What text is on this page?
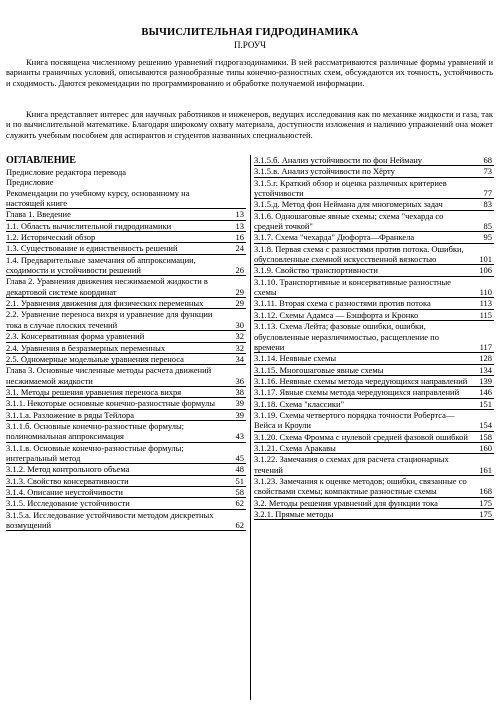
ВЫЧИСЛИТЕЛЬНАЯ ГИДРОДИНАМИКА
П.РОУЧ

Книга посвящена численному решению уравнений гидрогазодинамики. В ней рассматриваются различные формы уравнений и варианты граничных условий, описываются разнообразные типы конечно-разностных схем, обсуждаются их точность, устойчивость и сходимость. Даются рекомендации по программированию и обработке получаемой информации.

Книга представляет интерес для научных работников и инженеров, ведущих исследования как по механике жидкости и газа, так и по вычислительной математике. Благодаря широкому охвату материала, доступности изложения и наличию упражнений она может служить учебным пособием для аспирантов и студентов названных специальностей.

ОГЛАВЛЕНИЕ
Предисловие редактора перевода
Предисловие
Рекомендации по учебному курсу, основанному на настоящей книге
Глава 1. Введение	13
1.1. Область вычислительной гидродинамики	13
1.2. Исторический обзор	16
1.3. Существование и единственность решений	24
1.4. Предварительные замечания об аппроксимации, сходимости и устойчивости решений	26
Глава 2. Уравнения движения несжимаемой жидкости в декартовой системе координат	29
2.1. Уравнения движения для физических переменных	29
2.2. Уравнение переноса вихря и уравнение для функции тока в случае плоских течений	30
2.3. Консервативная форма уравнений	32
2.4. Уравнения в безразмерных переменных	32
2.5. Одномерные модельные уравнения переноса	34
Глава 3. Основные численные методы расчета движений несжимаемой жидкости	36
3.1. Методы решения уравнения переноса вихря	38
3.1.1. Некоторые основные конечно-разностные формулы	39
3.1.1.а. Разложение в ряды Тейлора	39
3.1.1.б. Основные конечно-разностные формулы; полиномиальная аппроксимация	43
3.1.1.в. Основные конечно-разностные формулы; интегральный метод	45
3.1.2. Метод контрольного объема	48
3.1.3. Свойство консервативности	51
3.1.4. Описание неустойчивости	58
3.1.5. Исследование устойчивости	62
3.1.5.а. Исследование устойчивости методом дискретных возмущений	62
3.1.5.б. Анализ устойчивости по фон Нейману	68
3.1.5.в. Анализ устойчивости по Хёрту	73
3.1.5.г. Краткий обзор и оценка различных критериев устойчивости	77
3.1.5.д. Метод фон Неймана для многомерных задач	83
3.1.6. Одношаговые явные схемы; схема "чехарда со средней точкой"	85
3.1.7. Схема "чехарда" Дюфорта—Франкела	95
3.1.8. Первая схема с разностями против потока. Ошибки, обусловленные схемной искусственной вязкостью	101
3.1.9. Свойство транспортивности	106
3.1.10. Транспортивные и консервативные разностные схемы	110
3.1.11. Вторая схема с разностями против потока	113
3.1.12. Схемы Адамса — Бэшфорта и Кронко	115
3.1.13. Схема Лейта; фазовые ошибки, ошибки, обусловленные неразличимостью, расщепление по времени	117
3.1.14. Неявные схемы	128
3.1.15. Многошаговые явные схемы	134
3.1.16. Неявные схемы метода чередующихся направлений 139
3.1.17. Явные схемы метода чередующихся направлений	146
3.1.18. Схема "классики"	151
3.1.19. Схемы четвертого порядка точности Робертса—Вейса и Кроули	154
3.1.20. Схема Фромма с нулевой средней фазовой ошибкой 158
3.1.21. Схема Аракавы	160
3.1.22. Замечания о схемах для расчета стационарных течений	161
3.1.23. Замечания к оценке методов; ошибки, связанные со свойствами схемы; компактные разностные схемы	168
3.2. Методы решения уравнений для функции тока	175
3.2.1. Прямые методы	175
